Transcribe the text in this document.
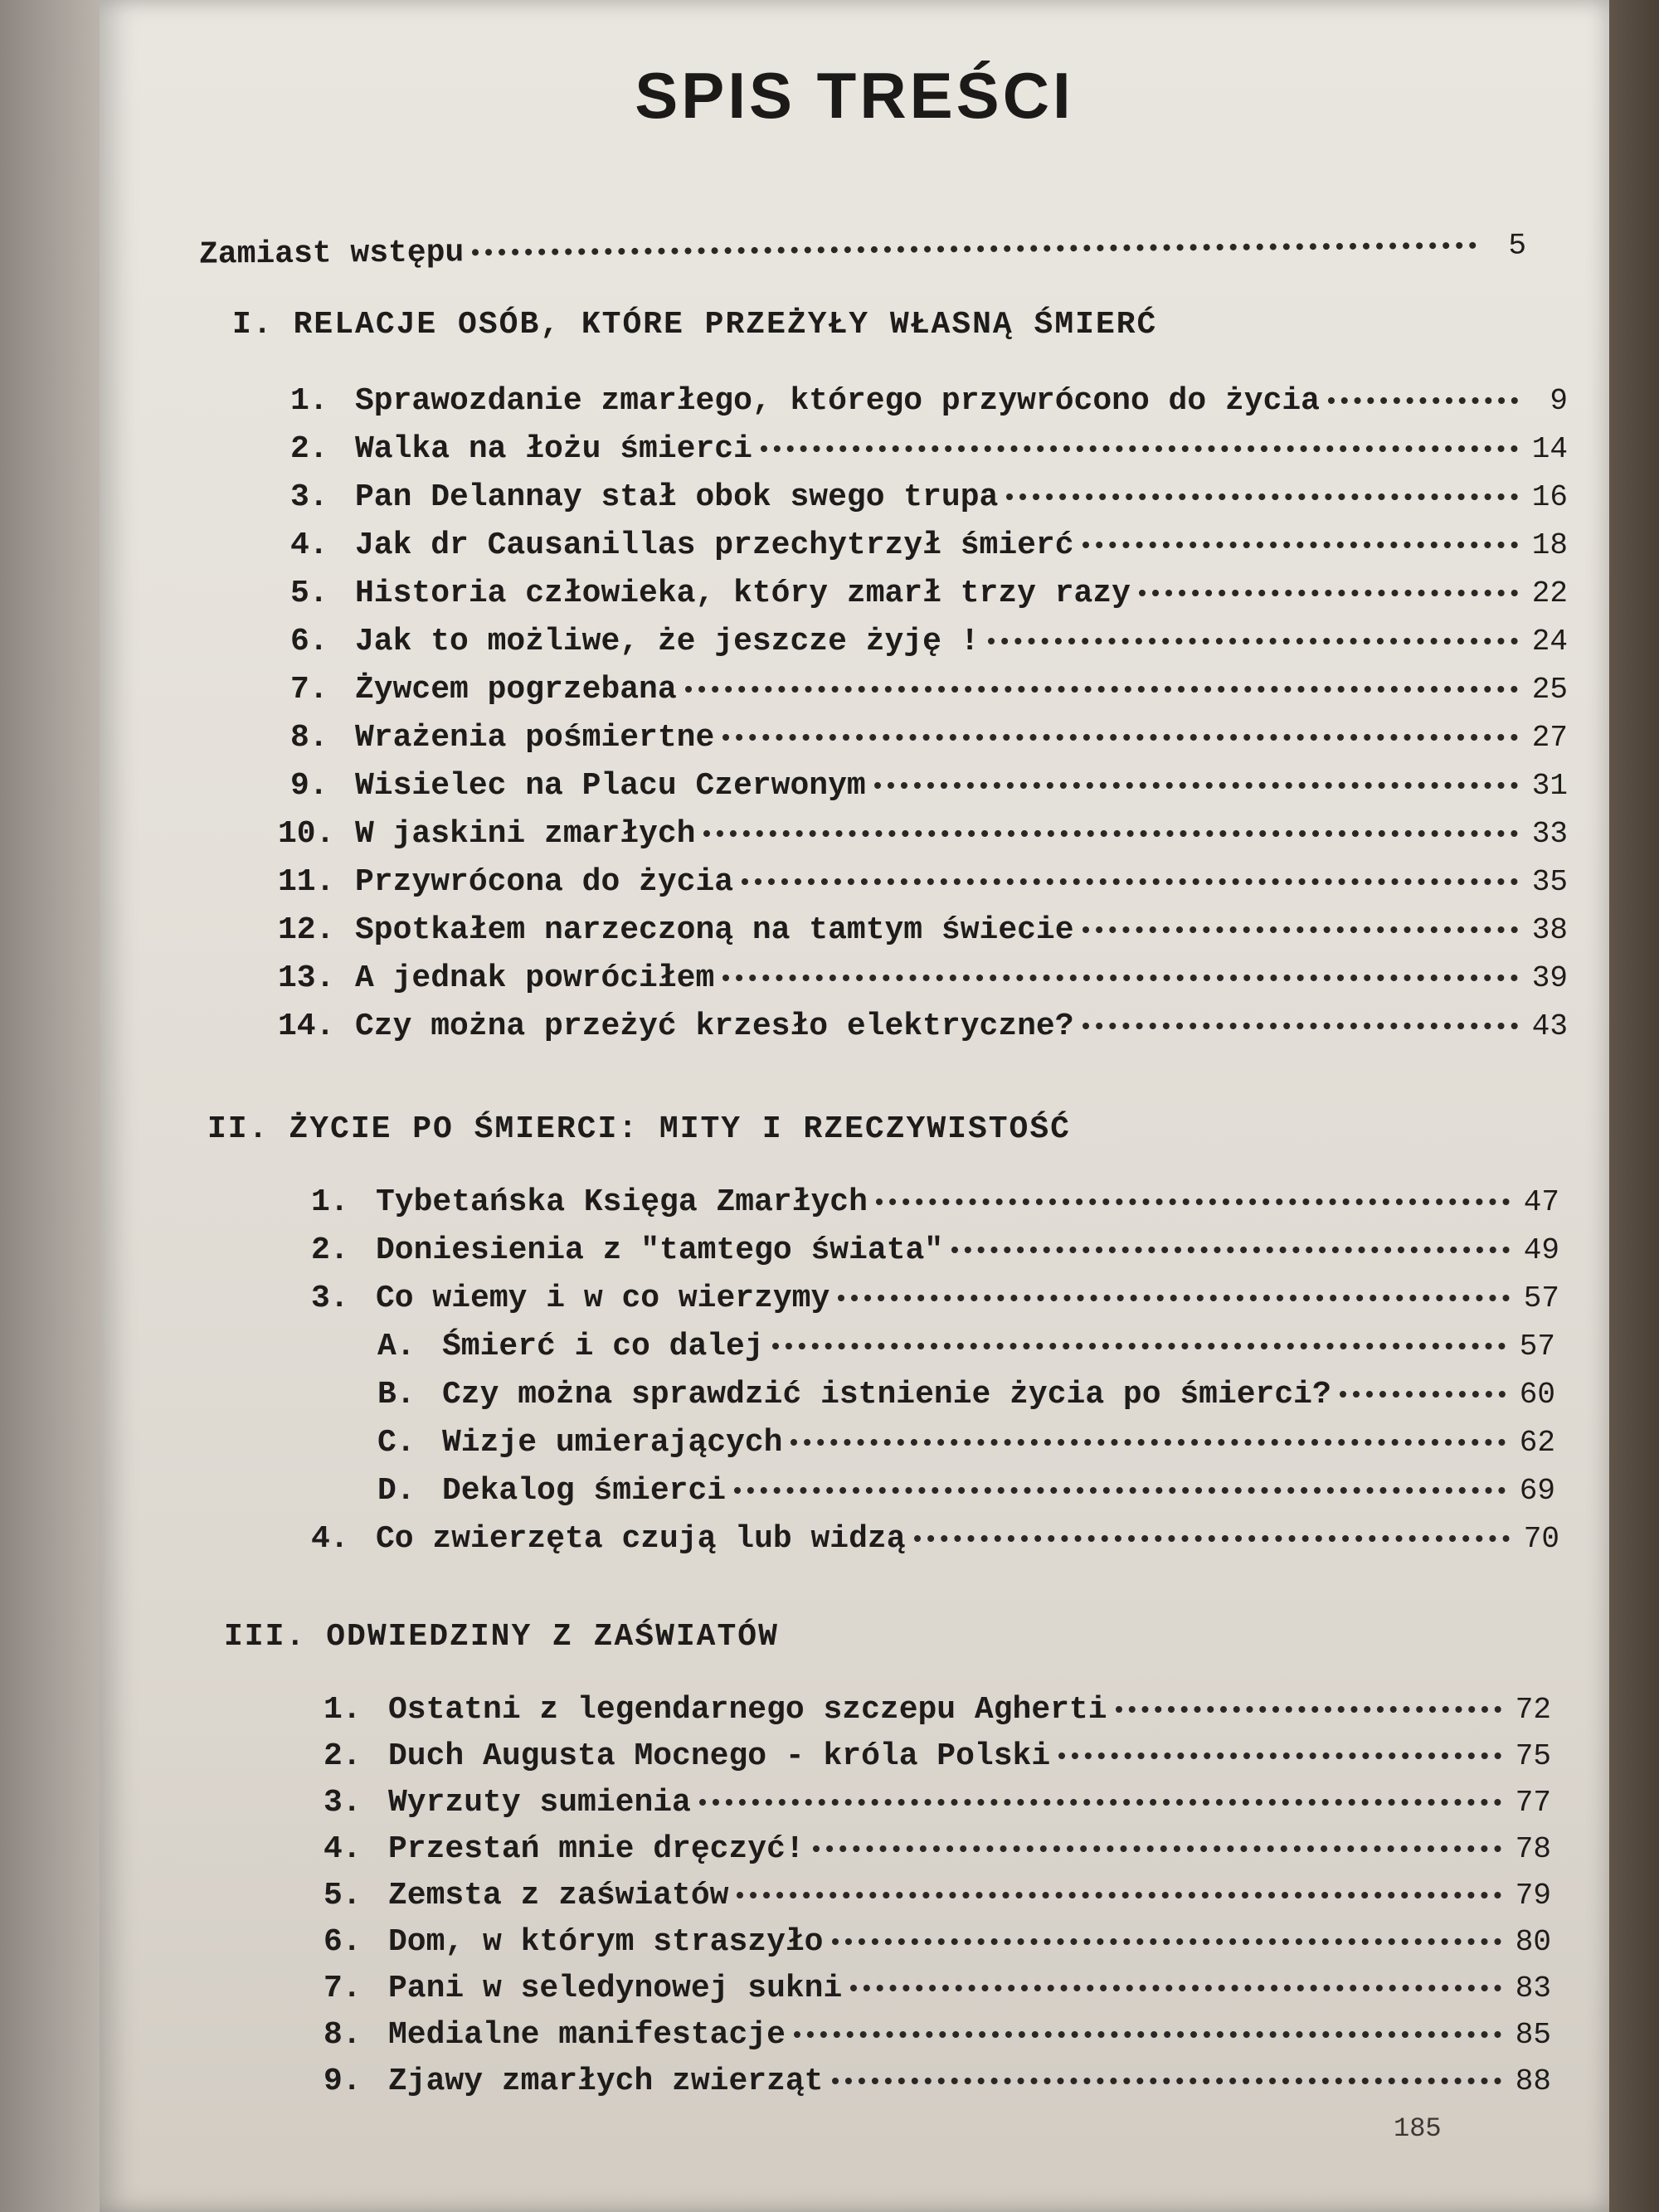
SPIS TREŚCI
Zamiast wstępu	5
I. RELACJE OSÓB, KTÓRE PRZEŻYŁY WŁASNĄ ŚMIERĆ
1. Sprawozdanie zmarłego, którego przywrócono do życia	9
2. Walka na łożu śmierci	14
3. Pan Delannay stał obok swego trupa	16
4. Jak dr Causanillas przechytrzył śmierć	18
5. Historia człowieka, który zmarł trzy razy	22
6. Jak to możliwe, że jeszcze żyję !	24
7. Żywcem pogrzebana	25
8. Wrażenia pośmiertne	27
9. Wisielec na Placu Czerwonym	31
10. W jaskini zmarłych	33
11. Przywrócona do życia	35
12. Spotkałem narzeczoną na tamtym świecie	38
13. A jednak powróciłem	39
14. Czy można przeżyć krzesło elektryczne?	43
II. ŻYCIE PO ŚMIERCI: MITY I RZECZYWISTOŚĆ
1. Tybetańska Księga Zmarłych	47
2. Doniesienia z "tamtego świata"	49
3. Co wiemy i w co wierzymy	57
A. Śmierć i co dalej	57
B. Czy można sprawdzić istnienie życia po śmierci?	60
C. Wizje umierających	62
D. Dekalog śmierci	69
4. Co zwierzęta czują lub widzą	70
III. ODWIEDZINY Z ZAŚWIATÓW
1. Ostatni z legendarnego szczepu Agherti	72
2. Duch Augusta Mocnego - króla Polski	75
3. Wyrzuty sumienia	77
4. Przestań mnie dręczyć!	78
5. Zemsta z zaświatów	79
6. Dom, w którym straszyło	80
7. Pani w seledynowej sukni	83
8. Medialne manifestacje	85
9. Zjawy zmarłych zwierząt	88
185
